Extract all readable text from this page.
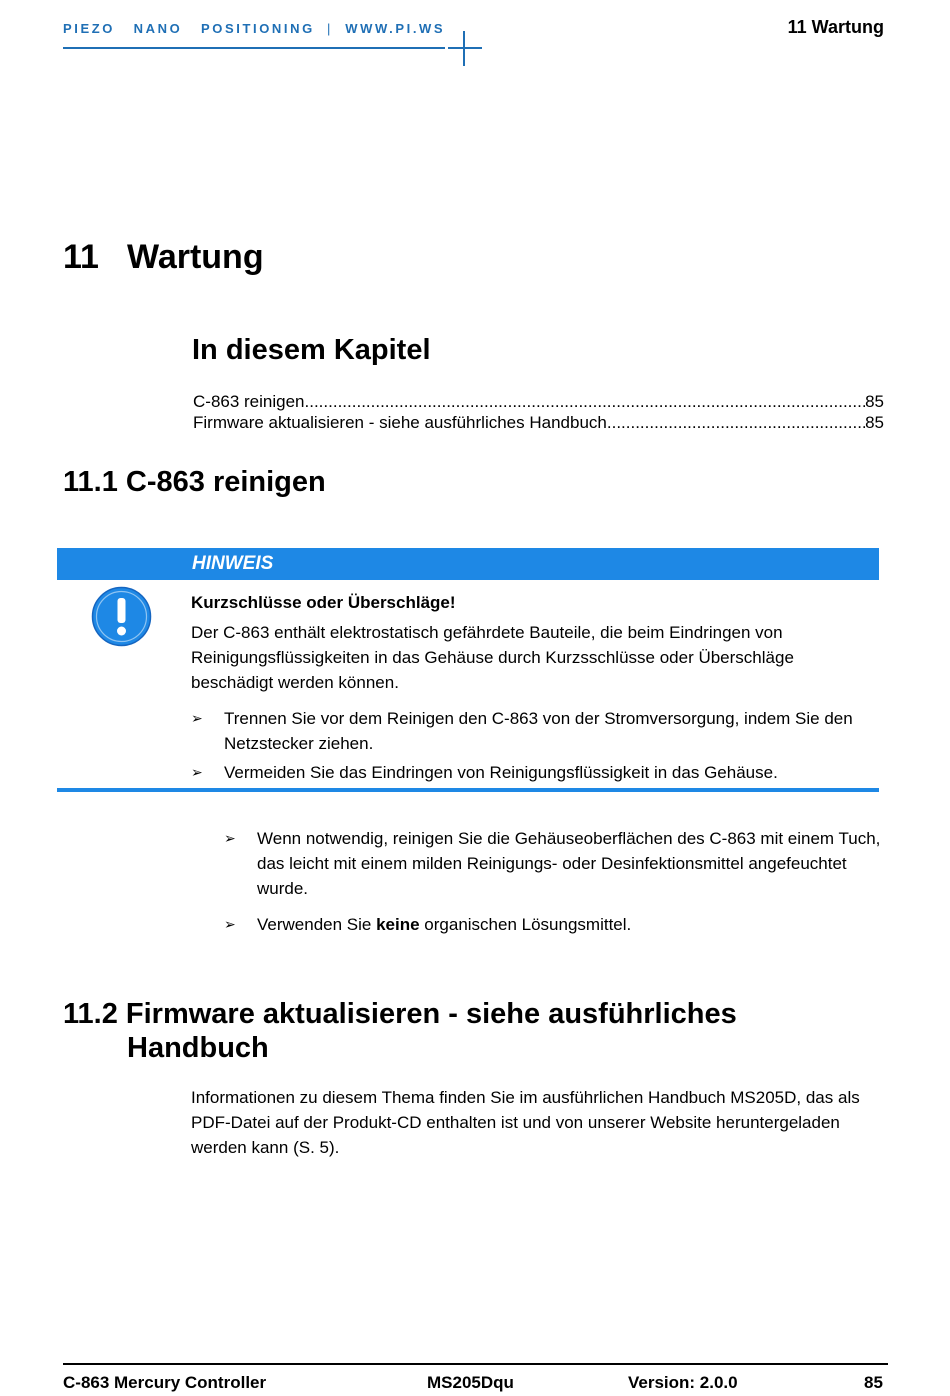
PIEZO NANO POSITIONING | WWW.PI.WS	11 Wartung
11 Wartung
In diesem Kapitel
C-863 reinigen .....	85
Firmware aktualisieren - siehe ausführliches Handbuch .....	85
11.1 C-863 reinigen
HINWEIS
Kurzschlüsse oder Überschläge!
Der C-863 enthält elektrostatisch gefährdete Bauteile, die beim Eindringen von Reinigungsflüssigkeiten in das Gehäuse durch Kurzsschlüsse oder Überschläge beschädigt werden können.
➢ Trennen Sie vor dem Reinigen den C-863 von der Stromversorgung, indem Sie den Netzstecker ziehen.
➢ Vermeiden Sie das Eindringen von Reinigungsflüssigkeit in das Gehäuse.
➢ Wenn notwendig, reinigen Sie die Gehäuseoberflächen des C-863 mit einem Tuch, das leicht mit einem milden Reinigungs- oder Desinfektionsmittel angefeuchtet wurde.
➢ Verwenden Sie keine organischen Lösungsmittel.
11.2 Firmware aktualisieren - siehe ausführliches
Handbuch
Informationen zu diesem Thema finden Sie im ausführlichen Handbuch MS205D, das als PDF-Datei auf der Produkt-CD enthalten ist und von unserer Website heruntergeladen werden kann (S. 5).
C-863 Mercury Controller	MS205Dqu	Version: 2.0.0	85
